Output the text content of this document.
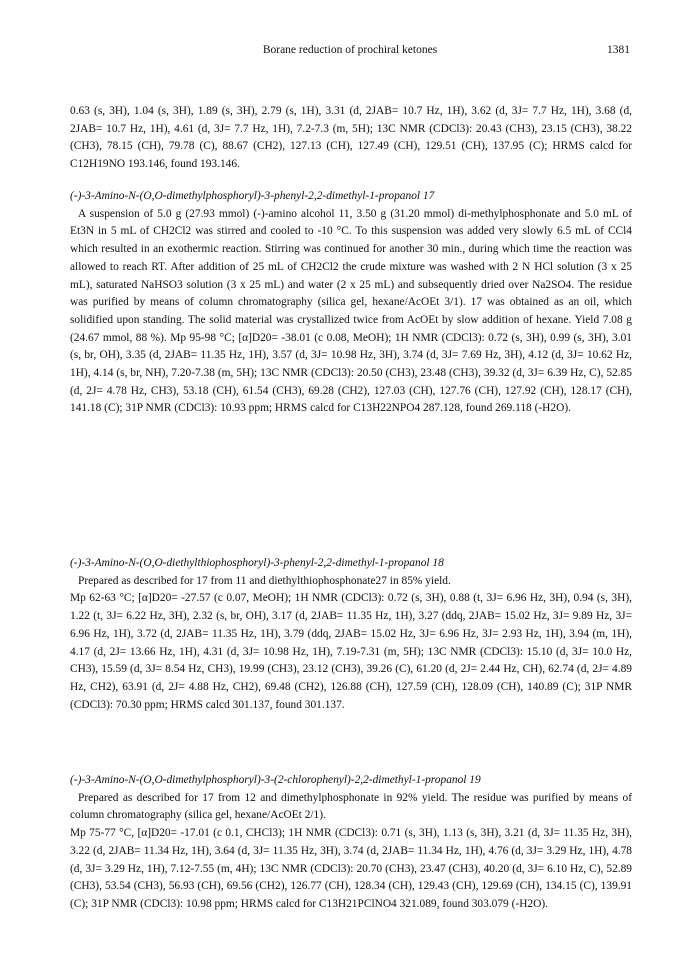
Borane reduction of prochiral ketones	1381

0.63 (s, 3H), 1.04 (s, 3H), 1.89 (s, 3H), 2.79 (s, 1H), 3.31 (d, 2JAB= 10.7 Hz, 1H), 3.62 (d, 3J= 7.7 Hz, 1H), 3.68 (d, 2JAB= 10.7 Hz, 1H), 4.61 (d, 3J= 7.7 Hz, 1H), 7.2-7.3 (m, 5H); 13C NMR (CDCl3): 20.43 (CH3), 23.15 (CH3), 38.22 (CH3), 78.15 (CH), 79.78 (C), 88.67 (CH2), 127.13 (CH), 127.49 (CH), 129.51 (CH), 137.95 (C); HRMS calcd for C12H19NO 193.146, found 193.146.

(-)-3-Amino-N-(O,O-dimethylphosphoryl)-3-phenyl-2,2-dimethyl-1-propanol 17

A suspension of 5.0 g (27.93 mmol) (-)-amino alcohol 11, 3.50 g (31.20 mmol) di-methylphosphonate and 5.0 mL of Et3N in 5 mL of CH2Cl2 was stirred and cooled to -10 °C. To this suspension was added very slowly 6.5 mL of CCl4 which resulted in an exothermic reaction. Stirring was continued for another 30 min., during which time the reaction was allowed to reach RT. After addition of 25 mL of CH2Cl2 the crude mixture was washed with 2 N HCl solution (3 x 25 mL), saturated NaHSO3 solution (3 x 25 mL) and water (2 x 25 mL) and subsequently dried over Na2SO4. The residue was purified by means of column chromatography (silica gel, hexane/AcOEt 3/1). 17 was obtained as an oil, which solidified upon standing. The solid material was crystallized twice from AcOEt by slow addition of hexane. Yield 7.08 g (24.67 mmol, 88 %). Mp 95-98 °C; [α]D20= -38.01 (c 0.08, MeOH); 1H NMR (CDCl3): 0.72 (s, 3H), 0.99 (s, 3H), 3.01 (s, br, OH), 3.35 (d, 2JAB= 11.35 Hz, 1H), 3.57 (d, 3J= 10.98 Hz, 3H), 3.74 (d, 3J= 7.69 Hz, 3H), 4.12 (d, 3J= 10.62 Hz, 1H), 4.14 (s, br, NH), 7.20-7.38 (m, 5H); 13C NMR (CDCl3): 20.50 (CH3), 23.48 (CH3), 39.32 (d, 3J= 6.39 Hz, C), 52.85 (d, 2J= 4.78 Hz, CH3), 53.18 (CH), 61.54 (CH3), 69.28 (CH2), 127.03 (CH), 127.76 (CH), 127.92 (CH), 128.17 (CH), 141.18 (C); 31P NMR (CDCl3): 10.93 ppm; HRMS calcd for C13H22NPO4 287.128, found 269.118 (-H2O).

(-)-3-Amino-N-(O,O-diethylthiophosphoryl)-3-phenyl-2,2-dimethyl-1-propanol 18

Prepared as described for 17 from 11 and diethylthiophosphonate27 in 85% yield.

Mp 62-63 °C; [α]D20= -27.57 (c 0.07, MeOH); 1H NMR (CDCl3): 0.72 (s, 3H), 0.88 (t, 3J= 6.96 Hz, 3H), 0.94 (s, 3H), 1.22 (t, 3J= 6.22 Hz, 3H), 2.32 (s, br, OH), 3.17 (d, 2JAB= 11.35 Hz, 1H), 3.27 (ddq, 2JAB= 15.02 Hz, 3J= 9.89 Hz, 3J= 6.96 Hz, 1H), 3.72 (d, 2JAB= 11.35 Hz, 1H), 3.79 (ddq, 2JAB= 15.02 Hz, 3J= 6.96 Hz, 3J= 2.93 Hz, 1H), 3.94 (m, 1H), 4.17 (d, 2J= 13.66 Hz, 1H), 4.31 (d, 3J= 10.98 Hz, 1H), 7.19-7.31 (m, 5H); 13C NMR (CDCl3): 15.10 (d, 3J= 10.0 Hz, CH3), 15.59 (d, 3J= 8.54 Hz, CH3), 19.99 (CH3), 23.12 (CH3), 39.26 (C), 61.20 (d, 2J= 2.44 Hz, CH), 62.74 (d, 2J= 4.89 Hz, CH2), 63.91 (d, 2J= 4.88 Hz, CH2), 69.48 (CH2), 126.88 (CH), 127.59 (CH), 128.09 (CH), 140.89 (C); 31P NMR (CDCl3): 70.30 ppm; HRMS calcd 301.137, found 301.137.

(-)-3-Amino-N-(O,O-dimethylphosphoryl)-3-(2-chlorophenyl)-2,2-dimethyl-1-propanol 19

Prepared as described for 17 from 12 and dimethylphosphonate in 92% yield. The residue was purified by means of column chromatography (silica gel, hexane/AcOEt 2/1).

Mp 75-77 °C, [α]D20= -17.01 (c 0.1, CHCl3); 1H NMR (CDCl3): 0.71 (s, 3H), 1.13 (s, 3H), 3.21 (d, 3J= 11.35 Hz, 3H), 3.22 (d, 2JAB= 11.34 Hz, 1H), 3.64 (d, 3J= 11.35 Hz, 3H), 3.74 (d, 2JAB= 11.34 Hz, 1H), 4.76 (d, 3J= 3.29 Hz, 1H), 4.78 (d, 3J= 3.29 Hz, 1H), 7.12-7.55 (m, 4H); 13C NMR (CDCl3): 20.70 (CH3), 23.47 (CH3), 40.20 (d, 3J= 6.10 Hz, C), 52.89 (CH3), 53.54 (CH3), 56.93 (CH), 69.56 (CH2), 126.77 (CH), 128.34 (CH), 129.43 (CH), 129.69 (CH), 134.15 (C), 139.91 (C); 31P NMR (CDCl3): 10.98 ppm; HRMS calcd for C13H21PClNO4 321.089, found 303.079 (-H2O).
